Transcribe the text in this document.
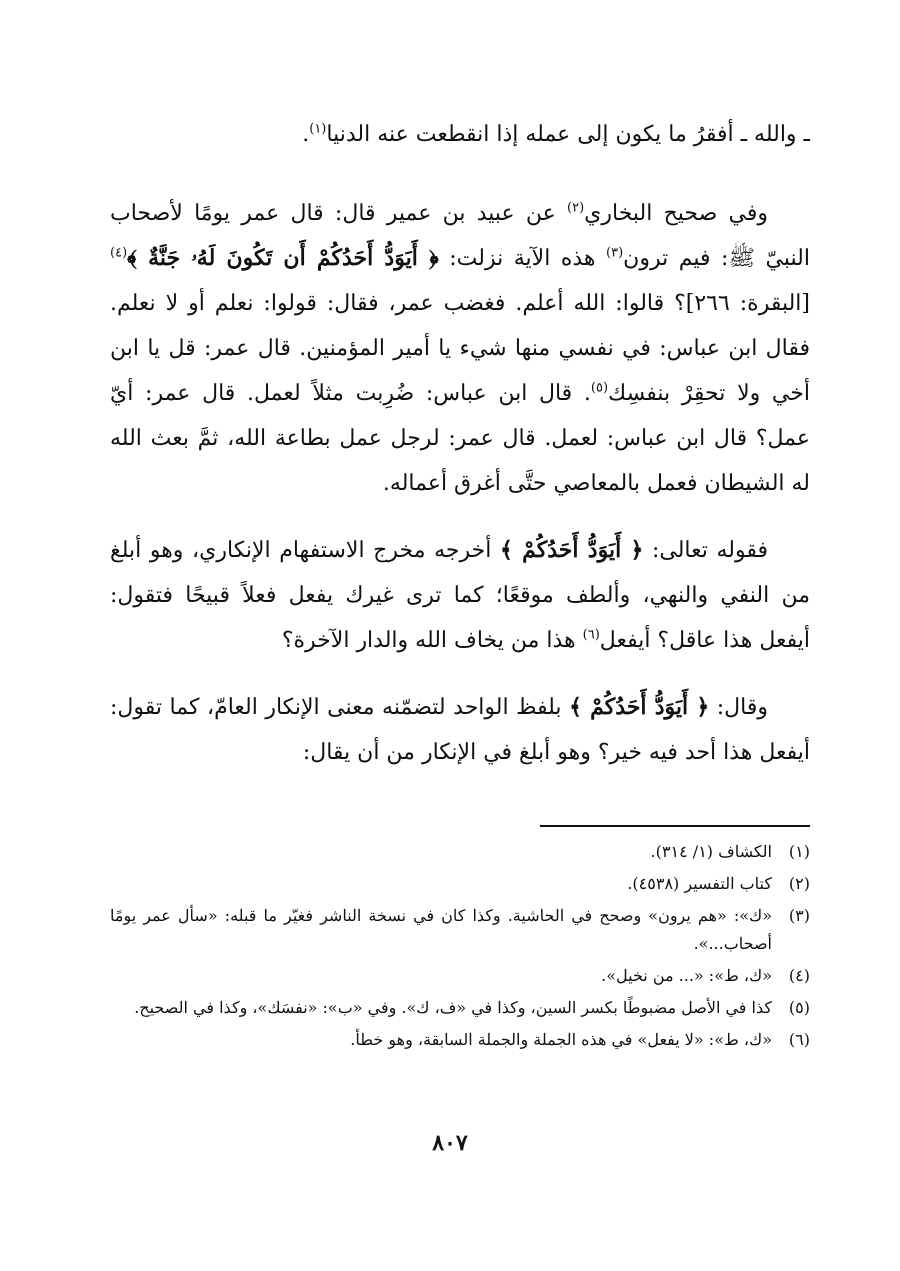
ـ والله ـ أفقرُ ما يكون إلى عمله إذا انقطعت عنه الدنيا$^{(١)}$.

وفي صحيح البخاري$^{(٢)}$ عن عبيد بن عمير قال: قال عمر يومًا لأصحاب النبيّ ﷺ: فيم ترون$^{(٣)}$ هذه الآية نزلت: ﴿ أَيَوَدُّ أَحَدُكُمْ أَن تَكُونَ لَهُۥ جَنَّةٌ ﴾$^{(٤)}$[البقرة: ٢٦٦]؟ قالوا: الله أعلم. فغضب عمر، فقال: قولوا: نعلم أو لا نعلم. فقال ابن عباس: في نفسي منها شيء يا أمير المؤمنين. قال عمر: قل يا ابن أخي ولا تحقِرْ بنفسِك$^{(٥)}$. قال ابن عباس: ضُرِبت مثلاً لعمل. قال عمر: أيّ عمل؟ قال ابن عباس: لعمل. قال عمر: لرجل عمل بطاعة الله، ثمَّ بعث الله له الشيطان فعمل بالمعاصي حتَّى أغرق أعماله.

فقوله تعالى: ﴿ أَيَوَدُّ أَحَدُكُمْ ﴾ أخرجه مخرج الاستفهام الإنكاري، وهو أبلغ من النفي والنهي، وألطف موقعًا؛ كما ترى غيرك يفعل فعلاً قبيحًا فتقول: أيفعل هذا عاقل؟ أيفعل$^{(٦)}$ هذا من يخاف الله والدار الآخرة؟

وقال: ﴿ أَيَوَدُّ أَحَدُكُمْ ﴾ بلفظ الواحد لتضمّنه معنى الإنكار العامّ، كما تقول: أيفعل هذا أحد فيه خير؟ وهو أبلغ في الإنكار من أن يقال:

(١)
الكشاف (١/ ٣١٤).
(٢)
كتاب التفسير (٤٥٣٨).
(٣)
«ك»: «هم يرون» وصحح في الحاشية. وكذا كان في نسخة الناشر فغيّر ما قبله: «سأل عمر يومًا أصحاب...».
(٤)
«ك، ط»: «... من نخيل».
(٥)
كذا في الأصل مضبوطًا بكسر السين، وكذا في «ف، ك». وفي «ب»: «نفسَك»، وكذا في الصحيح.
(٦)
«ك، ط»: «لا يفعل» في هذه الجملة والجملة السابقة، وهو خطأ.
٨٠٧
